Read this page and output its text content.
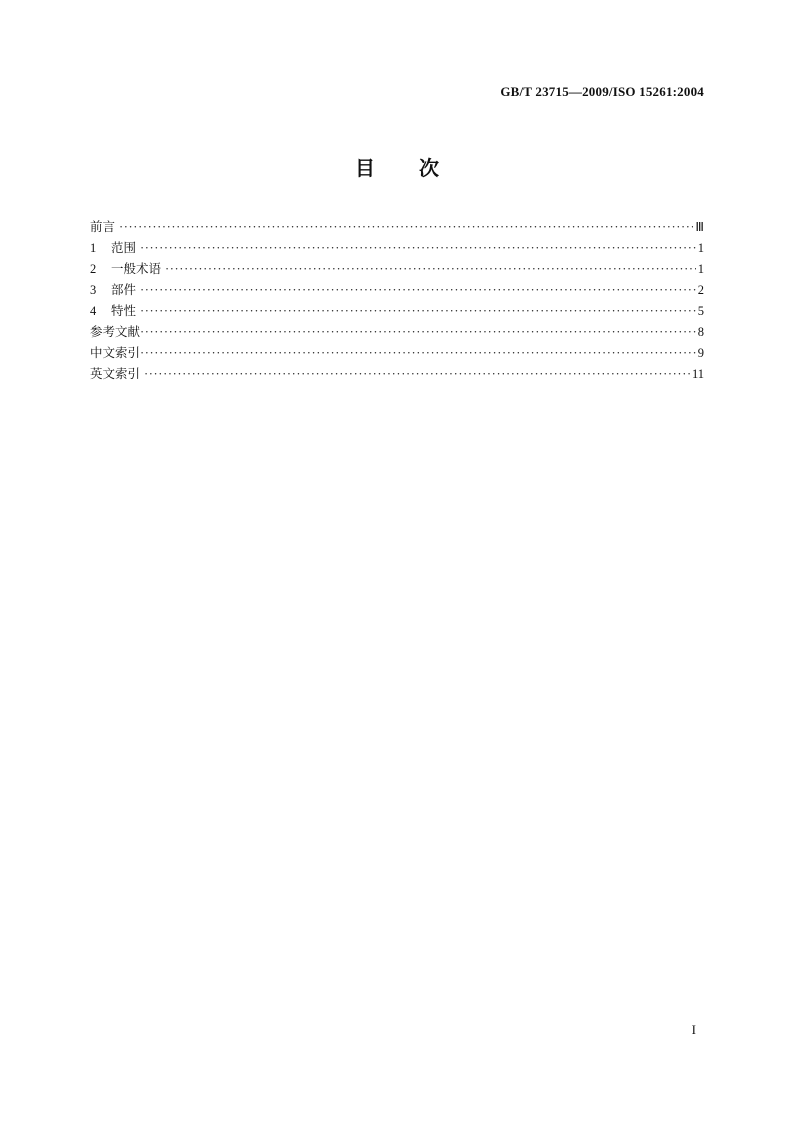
GB/T 23715—2009/ISO 15261:2004
目 次
前言 ·····	Ⅲ
1 范围 ·····	1
2 一般术语 ·····	1
3 部件 ·····	2
4 特性 ·····	5
参考文献 ·····	8
中文索引 ·····	9
英文索引 ·····	11
I
